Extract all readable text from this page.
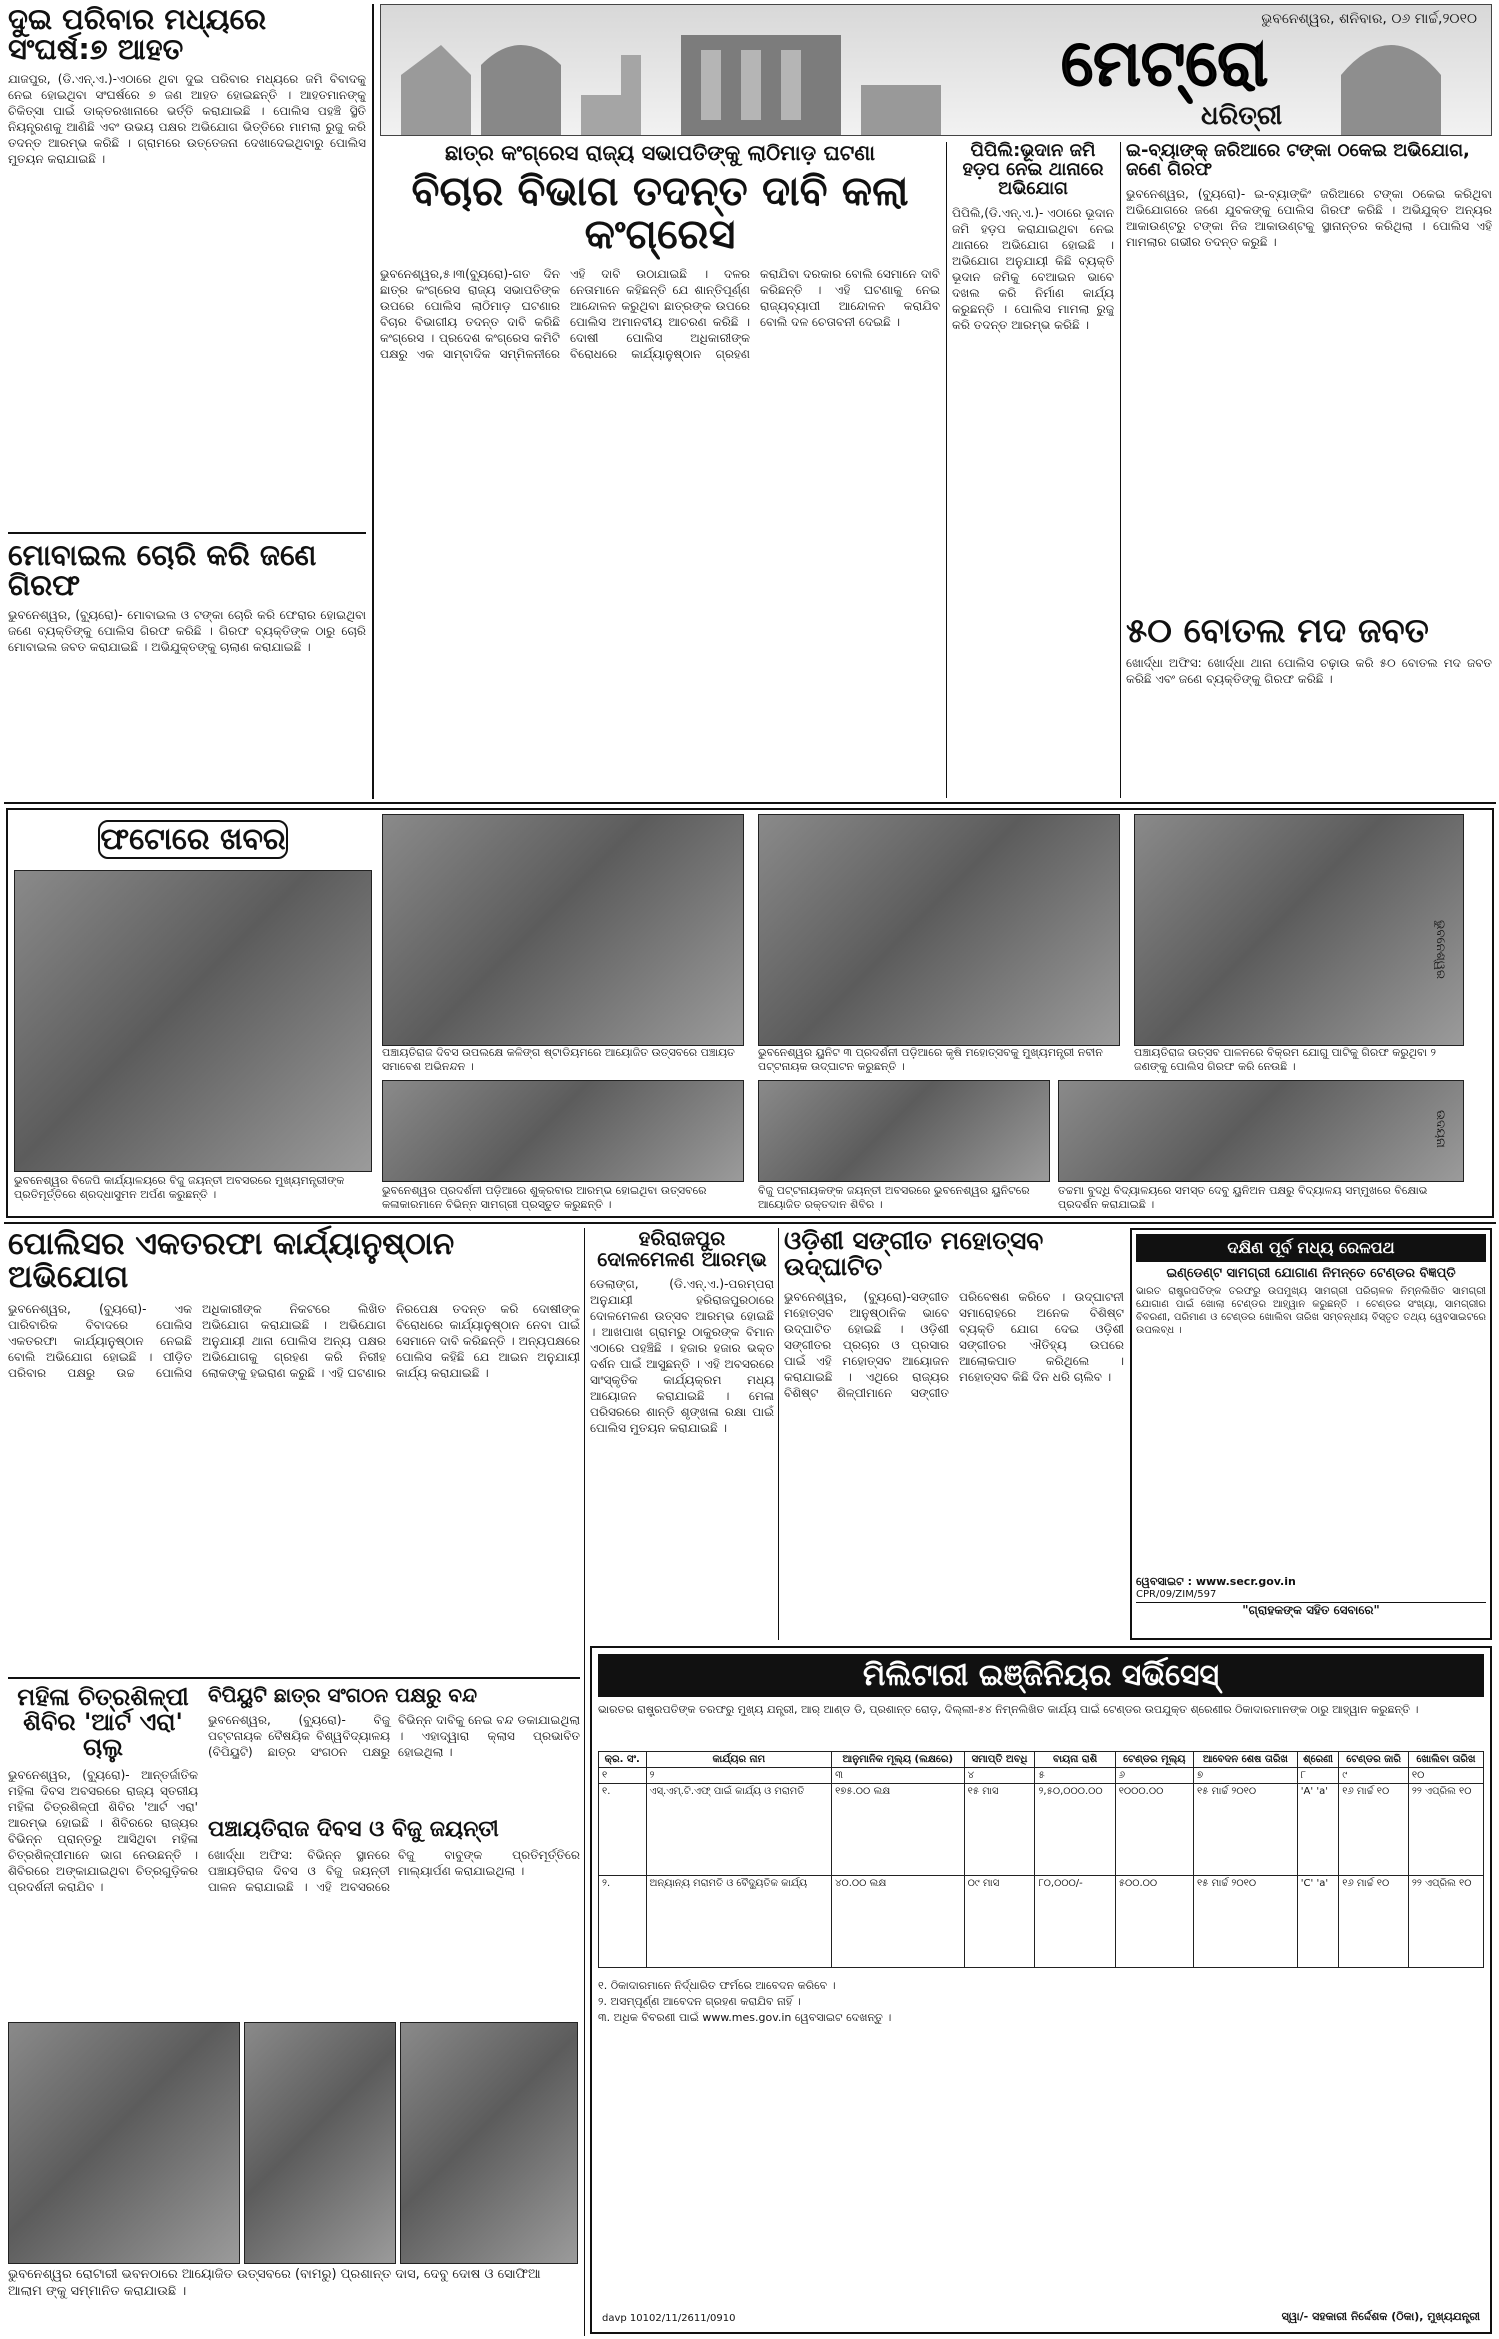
ଦୁଇ ପରିବାର ମଧ୍ୟରେ ସଂଘର୍ଷ:୭ ଆହତ
ଯାଜପୁର, (ଡି.ଏନ୍.ଏ.)-ଏଠାରେ ଥିବା ଦୁଇ ପରିବାର ମଧ୍ୟରେ ଜମି ବିବାଦକୁ ନେଇ ହୋଇଥିବା ସଂଘର୍ଷରେ ୭ ଜଣ ଆହତ ହୋଇଛନ୍ତି । ଆହତମାନଙ୍କୁ ଚିକିତ୍ସା ପାଇଁ ଡାକ୍ତରଖାନାରେ ଭର୍ତ୍ତି କରାଯାଇଛି । ପୋଲିସ ପହଞ୍ଚି ସ୍ଥିତି ନିୟନ୍ତ୍ରଣକୁ ଆଣିଛି ଏବଂ ଉଭୟ ପକ୍ଷର ଅଭିଯୋଗ ଭିତ୍ତିରେ ମାମଲା ରୁଜୁ କରି ତଦନ୍ତ ଆରମ୍ଭ କରିଛି । ଗ୍ରାମରେ ଉତ୍ତେଜନା ଦେଖାଦେଇଥିବାରୁ ପୋଲିସ ମୁତୟନ କରାଯାଇଛି ।
ମୋବାଇଲ ଚୋରି କରି ଜଣେ ଗିରଫ
ଭୁବନେଶ୍ୱର, (ବ୍ୟୁରୋ)- ମୋବାଇଲ ଓ ଟଙ୍କା ଚୋରି କରି ଫେରାର ହୋଇଥିବା ଜଣେ ବ୍ୟକ୍ତିଙ୍କୁ ପୋଲିସ ଗିରଫ କରିଛି । ଗିରଫ ବ୍ୟକ୍ତିଙ୍କ ଠାରୁ ଚୋରି ମୋବାଇଲ ଜବତ କରାଯାଇଛି । ଅଭିଯୁକ୍ତଙ୍କୁ ଚାଲାଣ କରାଯାଇଛି ।
ଭୁବନେଶ୍ୱର, ଶନିବାର, ୦୬ ମାର୍ଚ୍ଚ,୨୦୧୦
ମେଟ୍ରୋ
ଧରିତ୍ରୀ
ଛାତ୍ର କଂଗ୍ରେସ ରାଜ୍ୟ ସଭାପତିଙ୍କୁ ଲାଠିମାଡ଼ ଘଟଣା
ବିଚାର ବିଭାଗ ତଦନ୍ତ ଦାବି କଲା କଂଗ୍ରେସ
ଭୁବନେଶ୍ୱର,୫।୩(ବ୍ୟୁରୋ)-ଗତ ଦିନ ଛାତ୍ର କଂଗ୍ରେସ ରାଜ୍ୟ ସଭାପତିଙ୍କ ଉପରେ ପୋଲିସ ଲାଠିମାଡ଼ ଘଟଣାର ବିଚାର ବିଭାଗୀୟ ତଦନ୍ତ ଦାବି କରିଛି କଂଗ୍ରେସ । ପ୍ରଦେଶ କଂଗ୍ରେସ କମିଟି ପକ୍ଷରୁ ଏକ ସାମ୍ବାଦିକ ସମ୍ମିଳନୀରେ ଏହି ଦାବି ଉଠାଯାଇଛି । ଦଳର ନେତାମାନେ କହିଛନ୍ତି ଯେ ଶାନ୍ତିପୂର୍ଣ୍ଣ ଆନ୍ଦୋଳନ କରୁଥିବା ଛାତ୍ରଙ୍କ ଉପରେ ପୋଲିସ ଅମାନବୀୟ ଆଚରଣ କରିଛି । ଦୋଷୀ ପୋଲିସ ଅଧିକାରୀଙ୍କ ବିରୋଧରେ କାର୍ଯ୍ୟାନୁଷ୍ଠାନ ଗ୍ରହଣ କରାଯିବା ଦରକାର ବୋଲି ସେମାନେ ଦାବି କରିଛନ୍ତି । ଏହି ଘଟଣାକୁ ନେଇ ରାଜ୍ୟବ୍ୟାପୀ ଆନ୍ଦୋଳନ କରାଯିବ ବୋଲି ଦଳ ଚେତାବନୀ ଦେଇଛି ।
ପିପିଲି:ଭୂଦାନ ଜମି ହଡ଼ପ ନେଇ ଥାନାରେ ଅଭିଯୋଗ
ପିପିଲି,(ଡି.ଏନ୍.ଏ.)- ଏଠାରେ ଭୂଦାନ ଜମି ହଡ଼ପ କରାଯାଇଥିବା ନେଇ ଥାନାରେ ଅଭିଯୋଗ ହୋଇଛି । ଅଭିଯୋଗ ଅନୁଯାୟୀ କିଛି ବ୍ୟକ୍ତି ଭୂଦାନ ଜମିକୁ ବେଆଇନ ଭାବେ ଦଖଲ କରି ନିର୍ମାଣ କାର୍ଯ୍ୟ କରୁଛନ୍ତି । ପୋଲିସ ମାମଲା ରୁଜୁ କରି ତଦନ୍ତ ଆରମ୍ଭ କରିଛି ।
ଇ-ବ୍ୟାଙ୍କ୍ ଜରିଆରେ ଟଙ୍କା ଠକେଇ ଅଭିଯୋଗ, ଜଣେ ଗିରଫ
ଭୁବନେଶ୍ୱର, (ବ୍ୟୁରୋ)- ଇ-ବ୍ୟାଙ୍କିଂ ଜରିଆରେ ଟଙ୍କା ଠକେଇ କରିଥିବା ଅଭିଯୋଗରେ ଜଣେ ଯୁବକଙ୍କୁ ପୋଲିସ ଗିରଫ କରିଛି । ଅଭିଯୁକ୍ତ ଅନ୍ୟର ଆକାଉଣ୍ଟରୁ ଟଙ୍କା ନିଜ ଆକାଉଣ୍ଟକୁ ସ୍ଥାନାନ୍ତର କରିଥିଲା । ପୋଲିସ ଏହି ମାମଲାର ଗଭୀର ତଦନ୍ତ କରୁଛି ।
୫୦ ବୋତଲ ମଦ ଜବତ
ଖୋର୍ଦ୍ଧା ଅଫିସ: ଖୋର୍ଦ୍ଧା ଥାନା ପୋଲିସ ଚଢ଼ାଉ କରି ୫୦ ବୋତଲ ମଦ ଜବତ କରିଛି ଏବଂ ଜଣେ ବ୍ୟକ୍ତିଙ୍କୁ ଗିରଫ କରିଛି ।
ଫଟୋରେ ଖବର
ଭୁବନେଶ୍ୱର ବିଜେପି କାର୍ଯ୍ୟାଳୟରେ ବିଜୁ ଜୟନ୍ତୀ ଅବସରରେ ମୁଖ୍ୟମନ୍ତ୍ରୀଙ୍କ ପ୍ରତିମୂର୍ତ୍ତିରେ ଶ୍ରଦ୍ଧାସୁମନ ଅର୍ପଣ କରୁଛନ୍ତି ।
ପଞ୍ଚାୟତିରାଜ ଦିବସ ଉପଲକ୍ଷେ କଳିଙ୍ଗ ଷ୍ଟାଡିୟମରେ ଆୟୋଜିତ ଉତ୍ସବରେ ପଞ୍ଚାୟତ ସମାବେଶ ଅଭିନନ୍ଦନ ।
ଭୁବନେଶ୍ୱର ୟୁନିଟ ୩ ପ୍ରଦର୍ଶନୀ ପଡ଼ିଆରେ କୃଷି ମହୋତ୍ସବକୁ ମୁଖ୍ୟମନ୍ତ୍ରୀ ନବୀନ ପଟ୍ଟନାୟକ ଉଦ୍‌ଘାଟନ କରୁଛନ୍ତି ।
ପଞ୍ଚାୟତିରାଜ ଉତ୍ସବ ପାଳନରେ ବିକ୍ରମ ଯୋଗୁ ପାଟିକୁ ଗିରଫ କରୁଥିବା ୨ ଜଣଙ୍କୁ ପୋଲିସ ଗିରଫ କରି ନେଉଛି ।
ଭୁବନେଶ୍ୱର ପ୍ରଦର୍ଶନୀ ପଡ଼ିଆରେ ଶୁକ୍ରବାର ଆରମ୍ଭ ହୋଇଥିବା ଉତ୍ସବରେ କଳାକାରମାନେ ବିଭିନ୍ନ ସାମଗ୍ରୀ ପ୍ରସ୍ତୁତ କରୁଛନ୍ତି ।
ବିଜୁ ପଟ୍ଟନାୟକଙ୍କ ଜୟନ୍ତୀ ଅବସରରେ ଭୁବନେଶ୍ୱର ୟୁନିଟରେ ଆୟୋଜିତ ରକ୍ତଦାନ ଶିବିର ।
ତଚ୍ଚମା ବୁଦ୍ଧି ବିଦ୍ୟାଳୟରେ ସମସ୍ତ ଦେବୁ ୟୁନିଅନ ପକ୍ଷରୁ ବିଦ୍ୟାଳୟ ସମ୍ମୁଖରେ ବିକ୍ଷୋଭ ପ୍ରଦର୍ଶନ କରାଯାଇଛି ।
ଭୁବନେଶ୍ୱର
ଉଦୟନା
ପୋଲିସର ଏକତରଫା କାର୍ଯ୍ୟାନୁଷ୍ଠାନ ଅଭିଯୋଗ
ଭୁବନେଶ୍ୱର, (ବ୍ୟୁରୋ)- ଏକ ପାରିବାରିକ ବିବାଦରେ ପୋଲିସ ଏକତରଫା କାର୍ଯ୍ୟାନୁଷ୍ଠାନ ନେଇଛି ବୋଲି ଅଭିଯୋଗ ହୋଇଛି । ପୀଡ଼ିତ ପରିବାର ପକ୍ଷରୁ ଉଚ୍ଚ ପୋଲିସ ଅଧିକାରୀଙ୍କ ନିକଟରେ ଲିଖିତ ଅଭିଯୋଗ କରାଯାଇଛି । ଅଭିଯୋଗ ଅନୁଯାୟୀ ଥାନା ପୋଲିସ ଅନ୍ୟ ପକ୍ଷର ଅଭିଯୋଗକୁ ଗ୍ରହଣ କରି ନିରୀହ ଲୋକଙ୍କୁ ହଇରାଣ କରୁଛି । ଏହି ଘଟଣାର ନିରପେକ୍ଷ ତଦନ୍ତ କରି ଦୋଷୀଙ୍କ ବିରୋଧରେ କାର୍ଯ୍ୟାନୁଷ୍ଠାନ ନେବା ପାଇଁ ସେମାନେ ଦାବି କରିଛନ୍ତି । ଅନ୍ୟପକ୍ଷରେ ପୋଲିସ କହିଛି ଯେ ଆଇନ ଅନୁଯାୟୀ କାର୍ଯ୍ୟ କରାଯାଇଛି ।
ମହିଳା ଚିତ୍ରଶିଳ୍ପୀ ଶିବିର 'ଆର୍ଟ ଏରା' ଚାଲୁ
ଭୁବନେଶ୍ୱର, (ବ୍ୟୁରୋ)- ଆନ୍ତର୍ଜାତିକ ମହିଳା ଦିବସ ଅବସରରେ ରାଜ୍ୟ ସ୍ତରୀୟ ମହିଳା ଚିତ୍ରଶିଳ୍ପୀ ଶିବିର 'ଆର୍ଟ ଏରା' ଆରମ୍ଭ ହୋଇଛି । ଶିବିରରେ ରାଜ୍ୟର ବିଭିନ୍ନ ପ୍ରାନ୍ତରୁ ଆସିଥିବା ମହିଳା ଚିତ୍ରଶିଳ୍ପୀମାନେ ଭାଗ ନେଉଛନ୍ତି । ଶିବିରରେ ଅଙ୍କାଯାଇଥିବା ଚିତ୍ରଗୁଡ଼ିକର ପ୍ରଦର୍ଶନୀ କରାଯିବ ।
ବିପିୟୁଟି ଛାତ୍ର ସଂଗଠନ ପକ୍ଷରୁ ବନ୍ଦ
ଭୁବନେଶ୍ୱର, (ବ୍ୟୁରୋ)- ବିଜୁ ପଟ୍ଟନାୟକ ବୈଷୟିକ ବିଶ୍ୱବିଦ୍ୟାଳୟ (ବିପିୟୁଟି) ଛାତ୍ର ସଂଗଠନ ପକ୍ଷରୁ ବିଭିନ୍ନ ଦାବିକୁ ନେଇ ବନ୍ଦ ଡକାଯାଇଥିଲା । ଏହାଦ୍ୱାରା କ୍ଲାସ ପ୍ରଭାବିତ ହୋଇଥିଲା ।
ପଞ୍ଚାୟତିରାଜ ଦିବସ ଓ ବିଜୁ ଜୟନ୍ତୀ
ଖୋର୍ଦ୍ଧା ଅଫିସ: ବିଭିନ୍ନ ସ୍ଥାନରେ ପଞ୍ଚାୟତିରାଜ ଦିବସ ଓ ବିଜୁ ଜୟନ୍ତୀ ପାଳନ କରାଯାଇଛି । ଏହି ଅବସରରେ ବିଜୁ ବାବୁଙ୍କ ପ୍ରତିମୂର୍ତ୍ତିରେ ମାଲ୍ୟାର୍ପଣ କରାଯାଇଥିଲା ।
ଭୁବନେଶ୍ୱର ରୋଟାରୀ ଭବନଠାରେ ଆୟୋଜିତ ଉତ୍ସବରେ (ବାମରୁ) ପ୍ରଶାନ୍ତ ଦାସ, ଦେବୁ ଦୋଷ ଓ ସୋଫିଆ ଆଲାମ ଙ୍କୁ ସମ୍ମାନିତ କରାଯାଉଛି ।
ହରିରାଜପୁର ଦୋଳମେଳଣ ଆରମ୍ଭ
ଡେଲାଙ୍ଗ, (ଡି.ଏନ୍.ଏ.)-ପରମ୍ପରା ଅନୁଯାୟୀ ହରିରାଜପୁରଠାରେ ଦୋଳମେଳଣ ଉତ୍ସବ ଆରମ୍ଭ ହୋଇଛି । ଆଖପାଖ ଗ୍ରାମରୁ ଠାକୁରଙ୍କ ବିମାନ ଏଠାରେ ପହଞ୍ଚିଛି । ହଜାର ହଜାର ଭକ୍ତ ଦର୍ଶନ ପାଇଁ ଆସୁଛନ୍ତି । ଏହି ଅବସରରେ ସାଂସ୍କୃତିକ କାର୍ଯ୍ୟକ୍ରମ ମଧ୍ୟ ଆୟୋଜନ କରାଯାଇଛି । ମେଳା ପରିସରରେ ଶାନ୍ତି ଶୃଙ୍ଖଳା ରକ୍ଷା ପାଇଁ ପୋଲିସ ମୁତୟନ କରାଯାଇଛି ।
ଓଡ଼ିଶୀ ସଙ୍ଗୀତ ମହୋତ୍ସବ ଉଦ୍‌ଘାଟିତ
ଭୁବନେଶ୍ୱର, (ବ୍ୟୁରୋ)-ସଙ୍ଗୀତ ମହୋତ୍ସବ ଆନୁଷ୍ଠାନିକ ଭାବେ ଉଦ୍‌ଘାଟିତ ହୋଇଛି । ଓଡ଼ିଶୀ ସଙ୍ଗୀତର ପ୍ରଚାର ଓ ପ୍ରସାର ପାଇଁ ଏହି ମହୋତ୍ସବ ଆୟୋଜନ କରାଯାଇଛି । ଏଥିରେ ରାଜ୍ୟର ବିଶିଷ୍ଟ ଶିଳ୍ପୀମାନେ ସଙ୍ଗୀତ ପରିବେଷଣ କରିବେ । ଉଦ୍‌ଘାଟନୀ ସମାରୋହରେ ଅନେକ ବିଶିଷ୍ଟ ବ୍ୟକ୍ତି ଯୋଗ ଦେଇ ଓଡ଼ିଶୀ ସଙ୍ଗୀତର ଐତିହ୍ୟ ଉପରେ ଆଲୋକପାତ କରିଥିଲେ । ମହୋତ୍ସବ କିଛି ଦିନ ଧରି ଚାଲିବ ।
ଦକ୍ଷିଣ ପୂର୍ବ ମଧ୍ୟ ରେଳପଥ
ଇଣ୍ଡେଣ୍ଟ ସାମଗ୍ରୀ ଯୋଗାଣ ନିମନ୍ତେ ଟେଣ୍ଡର ବିଜ୍ଞପ୍ତି
ଭାରତ ରାଷ୍ଟ୍ରପତିଙ୍କ ତରଫରୁ ଉପମୁଖ୍ୟ ସାମଗ୍ରୀ ପରିଚାଳକ ନିମ୍ନଲିଖିତ ସାମଗ୍ରୀ ଯୋଗାଣ ପାଇଁ ଖୋଲା ଟେଣ୍ଡର ଆହ୍ୱାନ କରୁଛନ୍ତି । ଟେଣ୍ଡର ସଂଖ୍ୟା, ସାମଗ୍ରୀର ବିବରଣୀ, ପରିମାଣ ଓ ଟେଣ୍ଡର ଖୋଲିବା ତାରିଖ ସମ୍ବନ୍ଧୀୟ ବିସ୍ତୃତ ତଥ୍ୟ ୱେବସାଇଟରେ ଉପଲବ୍ଧ ।
ୱେବସାଇଟ : www.secr.gov.in
CPR/09/ZIM/597
"ଗ୍ରାହକଙ୍କ ସହିତ ସେବାରେ"
ମିଲିଟାରୀ ଇଞ୍ଜିନିୟର ସର୍ଭିସେସ୍
ଭାରତର ରାଷ୍ଟ୍ରପତିଙ୍କ ତରଫରୁ ମୁଖ୍ୟ ଯନ୍ତ୍ରୀ, ଆର୍ ଆଣ୍ଡ ଡି, ପ୍ରଶାନ୍ତ ରୋଡ଼, ଦିଲ୍ଲୀ-୫୪ ନିମ୍ନଲିଖିତ କାର୍ଯ୍ୟ ପାଇଁ ଟେଣ୍ଡର ଉପଯୁକ୍ତ ଶ୍ରେଣୀର ଠିକାଦାରମାନଙ୍କ ଠାରୁ ଆହ୍ୱାନ କରୁଛନ୍ତି ।
କ୍ର. ସଂ.	କାର୍ଯ୍ୟର ନାମ	ଆନୁମାନିକ ମୂଲ୍ୟ (ଲକ୍ଷରେ)	ସମାପ୍ତି ଅବଧି	ବାୟନା ରାଶି	ଟେଣ୍ଡର ମୂଲ୍ୟ	ଆବେଦନ ଶେଷ ତାରିଖ	ଶ୍ରେଣୀ	ଟେଣ୍ଡର ଜାରି	ଖୋଲିବା ତାରିଖ
୧	୨	୩	୪	୫	୬	୭	୮	୯	୧୦
୧.	ଏସ୍.ଏମ୍.ଟି.ଏଫ୍ ପାଇଁ କାର୍ଯ୍ୟ ଓ ମରାମତି	୧୭୫.୦୦ ଲକ୍ଷ	୧୫ ମାସ	୨,୫୦,୦୦୦.୦୦	୧୦୦୦.୦୦	୧୫ ମାର୍ଚ୍ଚ ୨୦୧୦	'A' 'a'	୧୬ ମାର୍ଚ୍ଚ ୧୦	୨୨ ଏପ୍ରିଲ ୧୦
୨.	ଅନ୍ୟାନ୍ୟ ମରାମତି ଓ ବୈଦ୍ୟୁତିକ କାର୍ଯ୍ୟ	୪୦.୦୦ ଲକ୍ଷ	୦୯ ମାସ	୮୦,୦୦୦/-	୫୦୦.୦୦	୧୫ ମାର୍ଚ୍ଚ ୨୦୧୦	'C' 'a'	୧୬ ମାର୍ଚ୍ଚ ୧୦	୨୨ ଏପ୍ରିଲ ୧୦
୧. ଠିକାଦାରମାନେ ନିର୍ଦ୍ଧାରିତ ଫର୍ମରେ ଆବେଦନ କରିବେ ।
୨. ଅସମ୍ପୂର୍ଣ୍ଣ ଆବେଦନ ଗ୍ରହଣ କରାଯିବ ନାହିଁ ।
୩. ଅଧିକ ବିବରଣୀ ପାଇଁ www.mes.gov.in ୱେବସାଇଟ ଦେଖନ୍ତୁ ।
ସ୍ୱା/- ସହକାରୀ ନିର୍ଦ୍ଦେଶକ (ଠିକା), ମୁଖ୍ୟଯନ୍ତ୍ରୀ
davp 10102/11/2611/0910
